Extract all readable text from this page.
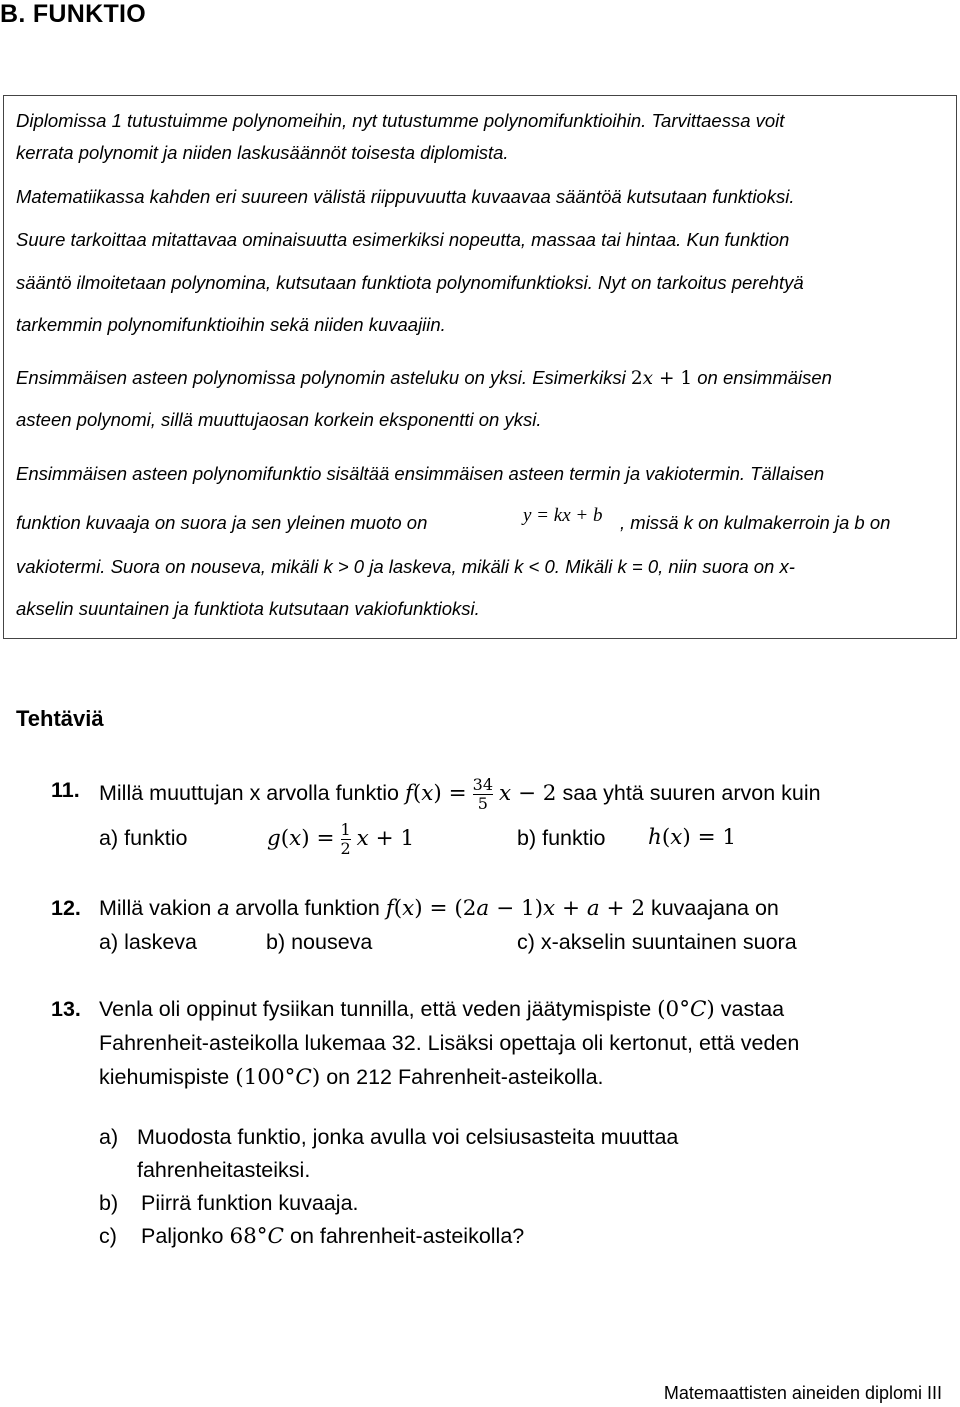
B. FUNKTIO
Diplomissa 1 tutustuimme polynomeihin, nyt tutustumme polynomifunktioihin. Tarvittaessa voit
kerrata polynomit ja niiden laskusäännöt toisesta diplomista.
Matematiikassa kahden eri suureen välistä riippuvuutta kuvaavaa sääntöä kutsutaan funktioksi.
Suure tarkoittaa mitattavaa ominaisuutta esimerkiksi nopeutta, massaa tai hintaa. Kun funktion
sääntö ilmoitetaan polynomina, kutsutaan funktiota polynomifunktioksi. Nyt on tarkoitus perehtyä
tarkemmin polynomifunktioihin sekä niiden kuvaajiin.
Ensimmäisen asteen polynomissa polynomin asteluku on yksi. Esimerkiksi 2𝑥 + 1 on ensimmäisen
asteen polynomi, sillä muuttujaosan korkein eksponentti on yksi.
Ensimmäisen asteen polynomifunktio sisältää ensimmäisen asteen termin ja vakiotermin. Tällaisen
funktion kuvaaja on suora ja sen yleinen muoto on	y = kx + b , missä k on kulmakerroin ja b on
vakiotermi. Suora on nouseva, mikäli k > 0 ja laskeva, mikäli k < 0. Mikäli k = 0, niin suora on x-
akselin suuntainen ja funktiota kutsutaan vakiofunktioksi.
Tehtäviä
11. Millä muuttujan x arvolla funktio 𝑓(𝑥) = $\frac{34}{5}$ 𝑥 − 2 saa yhtä suuren arvon kuin
a) funktio	𝑔(𝑥) = $\frac{1}{2}$ 𝑥 + 1	b) funktio ℎ(𝑥) = 1
12. Millä vakion a arvolla funktion 𝑓(𝑥) = (2𝑎 − 1)𝑥 + 𝑎 + 2 kuvaajana on
a) laskeva	b) nouseva	c) x-akselin suuntainen suora
13. Venla oli oppinut fysiikan tunnilla, että veden jäätymispiste (0°𝐶) vastaa
Fahrenheit-asteikolla lukemaa 32. Lisäksi opettaja oli kertonut, että veden
kiehumispiste (100°𝐶) on 212 Fahrenheit-asteikolla.
a) Muodosta funktio, jonka avulla voi celsiusasteita muuttaa
fahrenheitasteiksi.
b) Piirrä funktion kuvaaja.
c) Paljonko 68°𝐶 on fahrenheit-asteikolla?
Matemaattisten aineiden diplomi III
